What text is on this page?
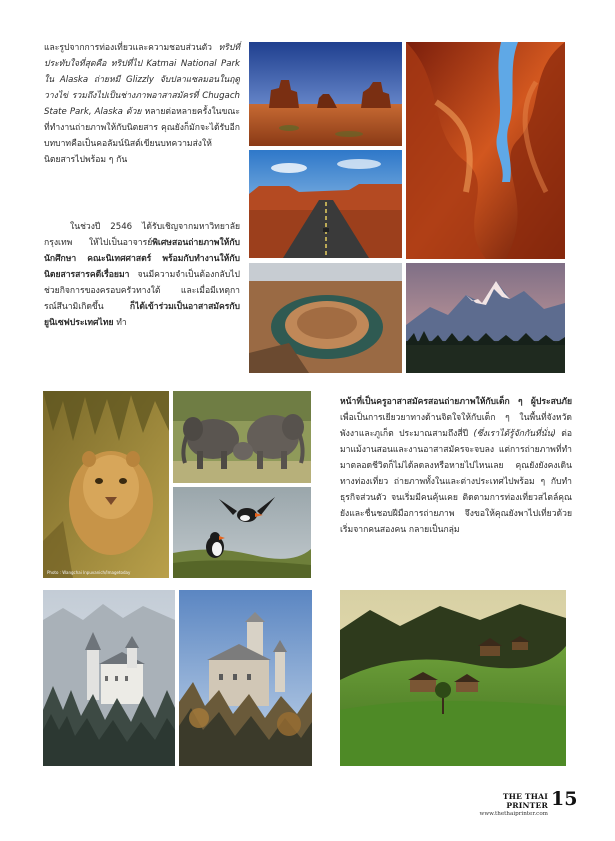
และรูปจากการท่องเที่ยวและความชอบส่วนตัว ทริปที่ประทับใจที่สุดคือ ทริปที่ไป Katmai National Park ใน Alaska ถ่ายหมี Glizzly จับปลาแซลมอนในฤดูวางไข่ รวมถึงไปเป็นช่างภาพอาสาสมัครที่ Chugach State Park, Alaska ด้วย หลายต่อหลายครั้งในขณะที่ทำงานถ่ายภาพให้กับนิตยสาร คุณยังก็มักจะได้รับอีกบทบาทคือเป็นคอลัมน์นิสต์เขียนบทความส่งให้นิตยสารไปพร้อม ๆ กัน

ในช่วงปี 2546 ได้รับเชิญจากมหาวิทยาลัยกรุงเทพ ให้ไปเป็นอาจารย์พิเศษสอนถ่ายภาพให้กับนักศึกษา คณะนิเทศศาสตร์ พร้อมกับทำงานให้กับนิตยสารสารคดีเรื่อยมา จนมีความจำเป็นต้องกลับไปช่วยกิจการของครอบครัวทางใต้ และเมื่อมีเหตุการณ์สึนามิเกิดขึ้น ก็ได้เข้าร่วมเป็นอาสาสมัครกับยูนิเซฟประเทศไทย ทำ

หน้าที่เป็นครูอาสาสมัครสอนถ่ายภาพให้กับเด็ก ๆ ผู้ประสบภัย เพื่อเป็นการเยียวยาทางด้านจิตใจให้กับเด็ก ๆ ในพื้นที่จังหวัดพังงาและภูเก็ต ประมาณสามถึงสี่ปี (ซึ่งเราได้รู้จักกันที่นั่น) ต่อมาแม้งานสอนและงานอาสาสมัครจะจบลง แต่การถ่ายภาพที่ทำมาตลอดชีวิตก็ไม่ได้ลดลงหรือหายไปไหนเลย คุณยังยังคงเดินทางท่องเที่ยว ถ่ายภาพทั้งในและต่างประเทศไปพร้อม ๆ กับทำธุรกิจส่วนตัว จนเริ่มมีคนคุ้นเคย ติดตามการท่องเที่ยวสไตล์คุณยังและชื่นชอบฝีมือการถ่ายภาพ จึงขอให้คุณยังพาไปเที่ยวด้วย เริ่มจากคนสองคน กลายเป็นกลุ่ม

Photo : Wangchai Inpuvanich/Imagetoday
THE THAI PRINTER
www.thethaiprinter.com
15
